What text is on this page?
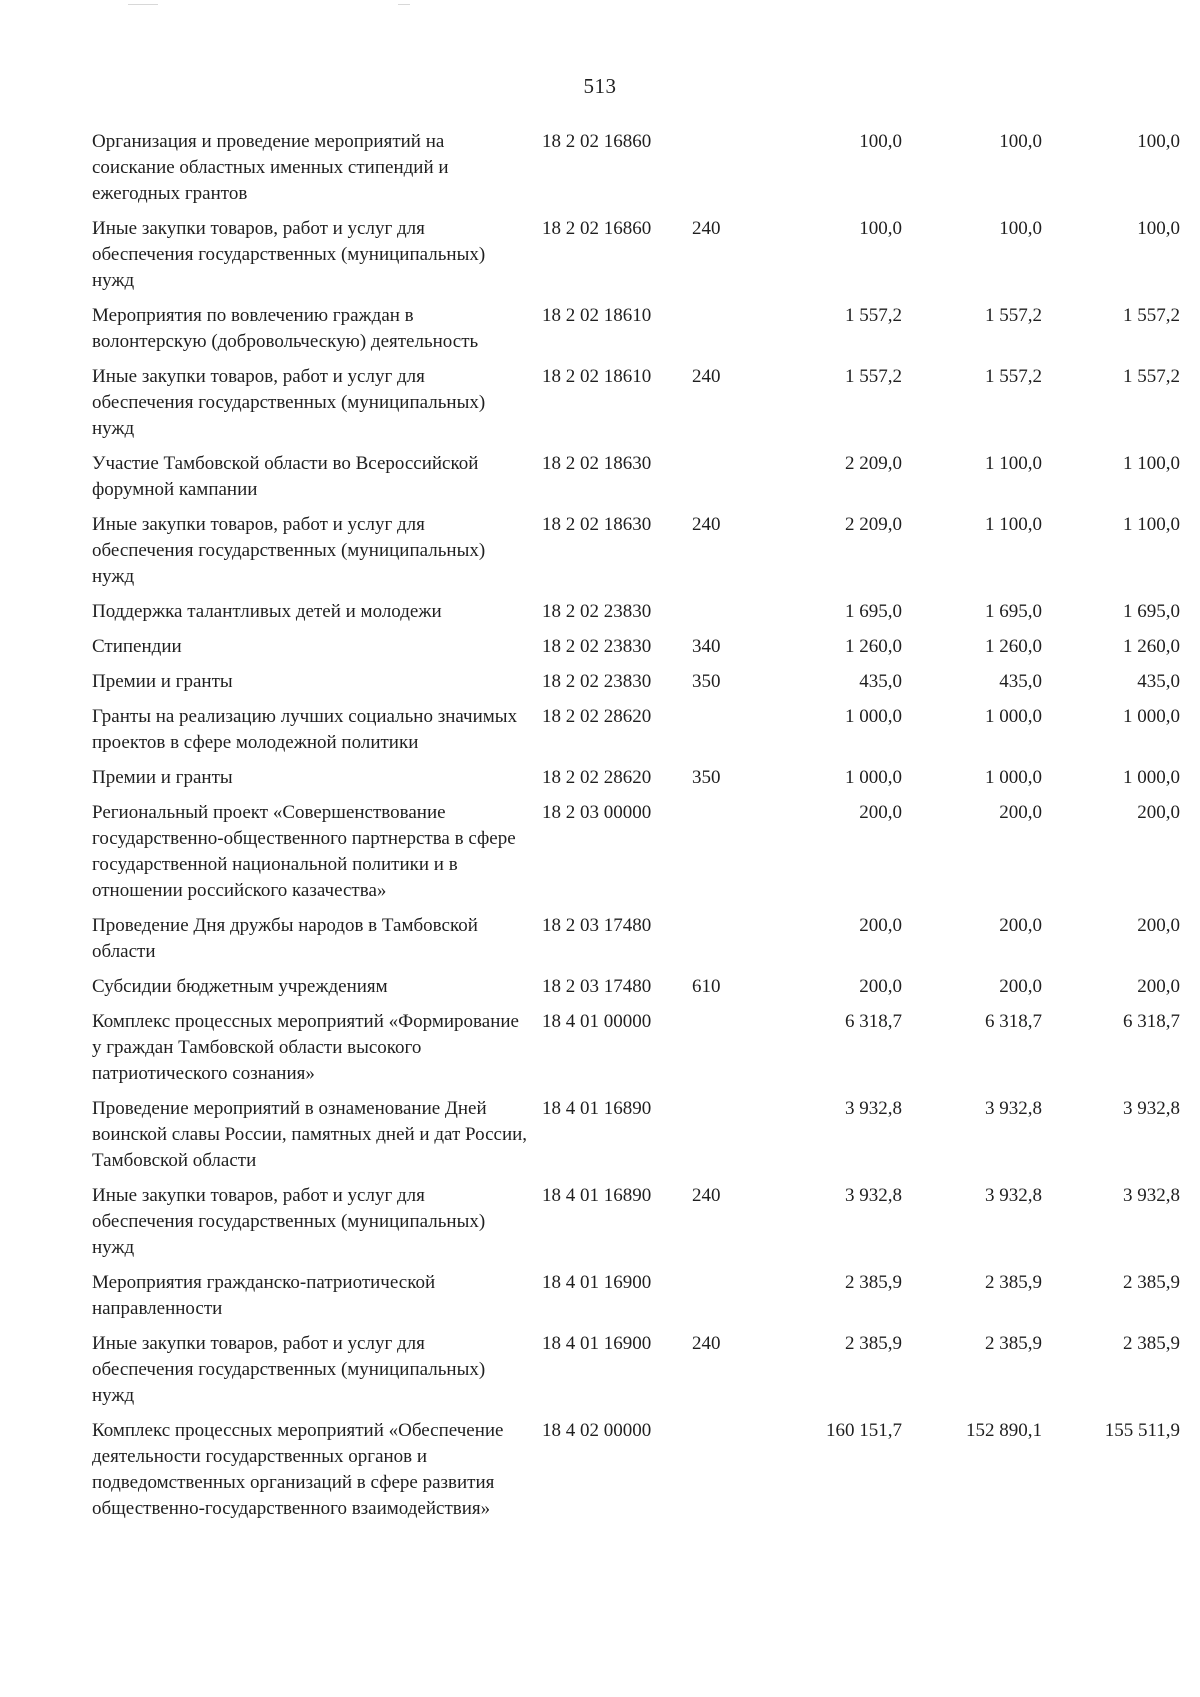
513
Организация и проведение мероприятий на соискание областных именных стипендий и ежегодных грантов	18 2 02 16860		100,0	100,0	100,0
Иные закупки товаров, работ и услуг для обеспечения государственных (муниципальных) нужд	18 2 02 16860	240	100,0	100,0	100,0
Мероприятия по вовлечению граждан в волонтерскую (добровольческую) деятельность	18 2 02 18610		1 557,2	1 557,2	1 557,2
Иные закупки товаров, работ и услуг для обеспечения государственных (муниципальных) нужд	18 2 02 18610	240	1 557,2	1 557,2	1 557,2
Участие Тамбовской области во Всероссийской форумной кампании	18 2 02 18630		2 209,0	1 100,0	1 100,0
Иные закупки товаров, работ и услуг для обеспечения государственных (муниципальных) нужд	18 2 02 18630	240	2 209,0	1 100,0	1 100,0
Поддержка талантливых детей и молодежи	18 2 02 23830		1 695,0	1 695,0	1 695,0
Стипендии	18 2 02 23830	340	1 260,0	1 260,0	1 260,0
Премии и гранты	18 2 02 23830	350	435,0	435,0	435,0
Гранты на реализацию лучших социально значимых проектов в сфере молодежной политики	18 2 02 28620		1 000,0	1 000,0	1 000,0
Премии и гранты	18 2 02 28620	350	1 000,0	1 000,0	1 000,0
Региональный проект «Совершенствование государственно-общественного партнерства в сфере государственной национальной политики и в отношении российского казачества»	18 2 03 00000		200,0	200,0	200,0
Проведение Дня дружбы народов в Тамбовской области	18 2 03 17480		200,0	200,0	200,0
Субсидии бюджетным учреждениям	18 2 03 17480	610	200,0	200,0	200,0
Комплекс процессных мероприятий «Формирование у граждан Тамбовской области высокого патриотического сознания»	18 4 01 00000		6 318,7	6 318,7	6 318,7
Проведение мероприятий в ознаменование Дней воинской славы России, памятных дней и дат России, Тамбовской области	18 4 01 16890		3 932,8	3 932,8	3 932,8
Иные закупки товаров, работ и услуг для обеспечения государственных (муниципальных) нужд	18 4 01 16890	240	3 932,8	3 932,8	3 932,8
Мероприятия гражданско-патриотической направленности	18 4 01 16900		2 385,9	2 385,9	2 385,9
Иные закупки товаров, работ и услуг для обеспечения государственных (муниципальных) нужд	18 4 01 16900	240	2 385,9	2 385,9	2 385,9
Комплекс процессных мероприятий «Обеспечение деятельности государственных органов и подведомственных организаций в сфере развития общественно-государственного взаимодействия»	18 4 02 00000		160 151,7	152 890,1	155 511,9
